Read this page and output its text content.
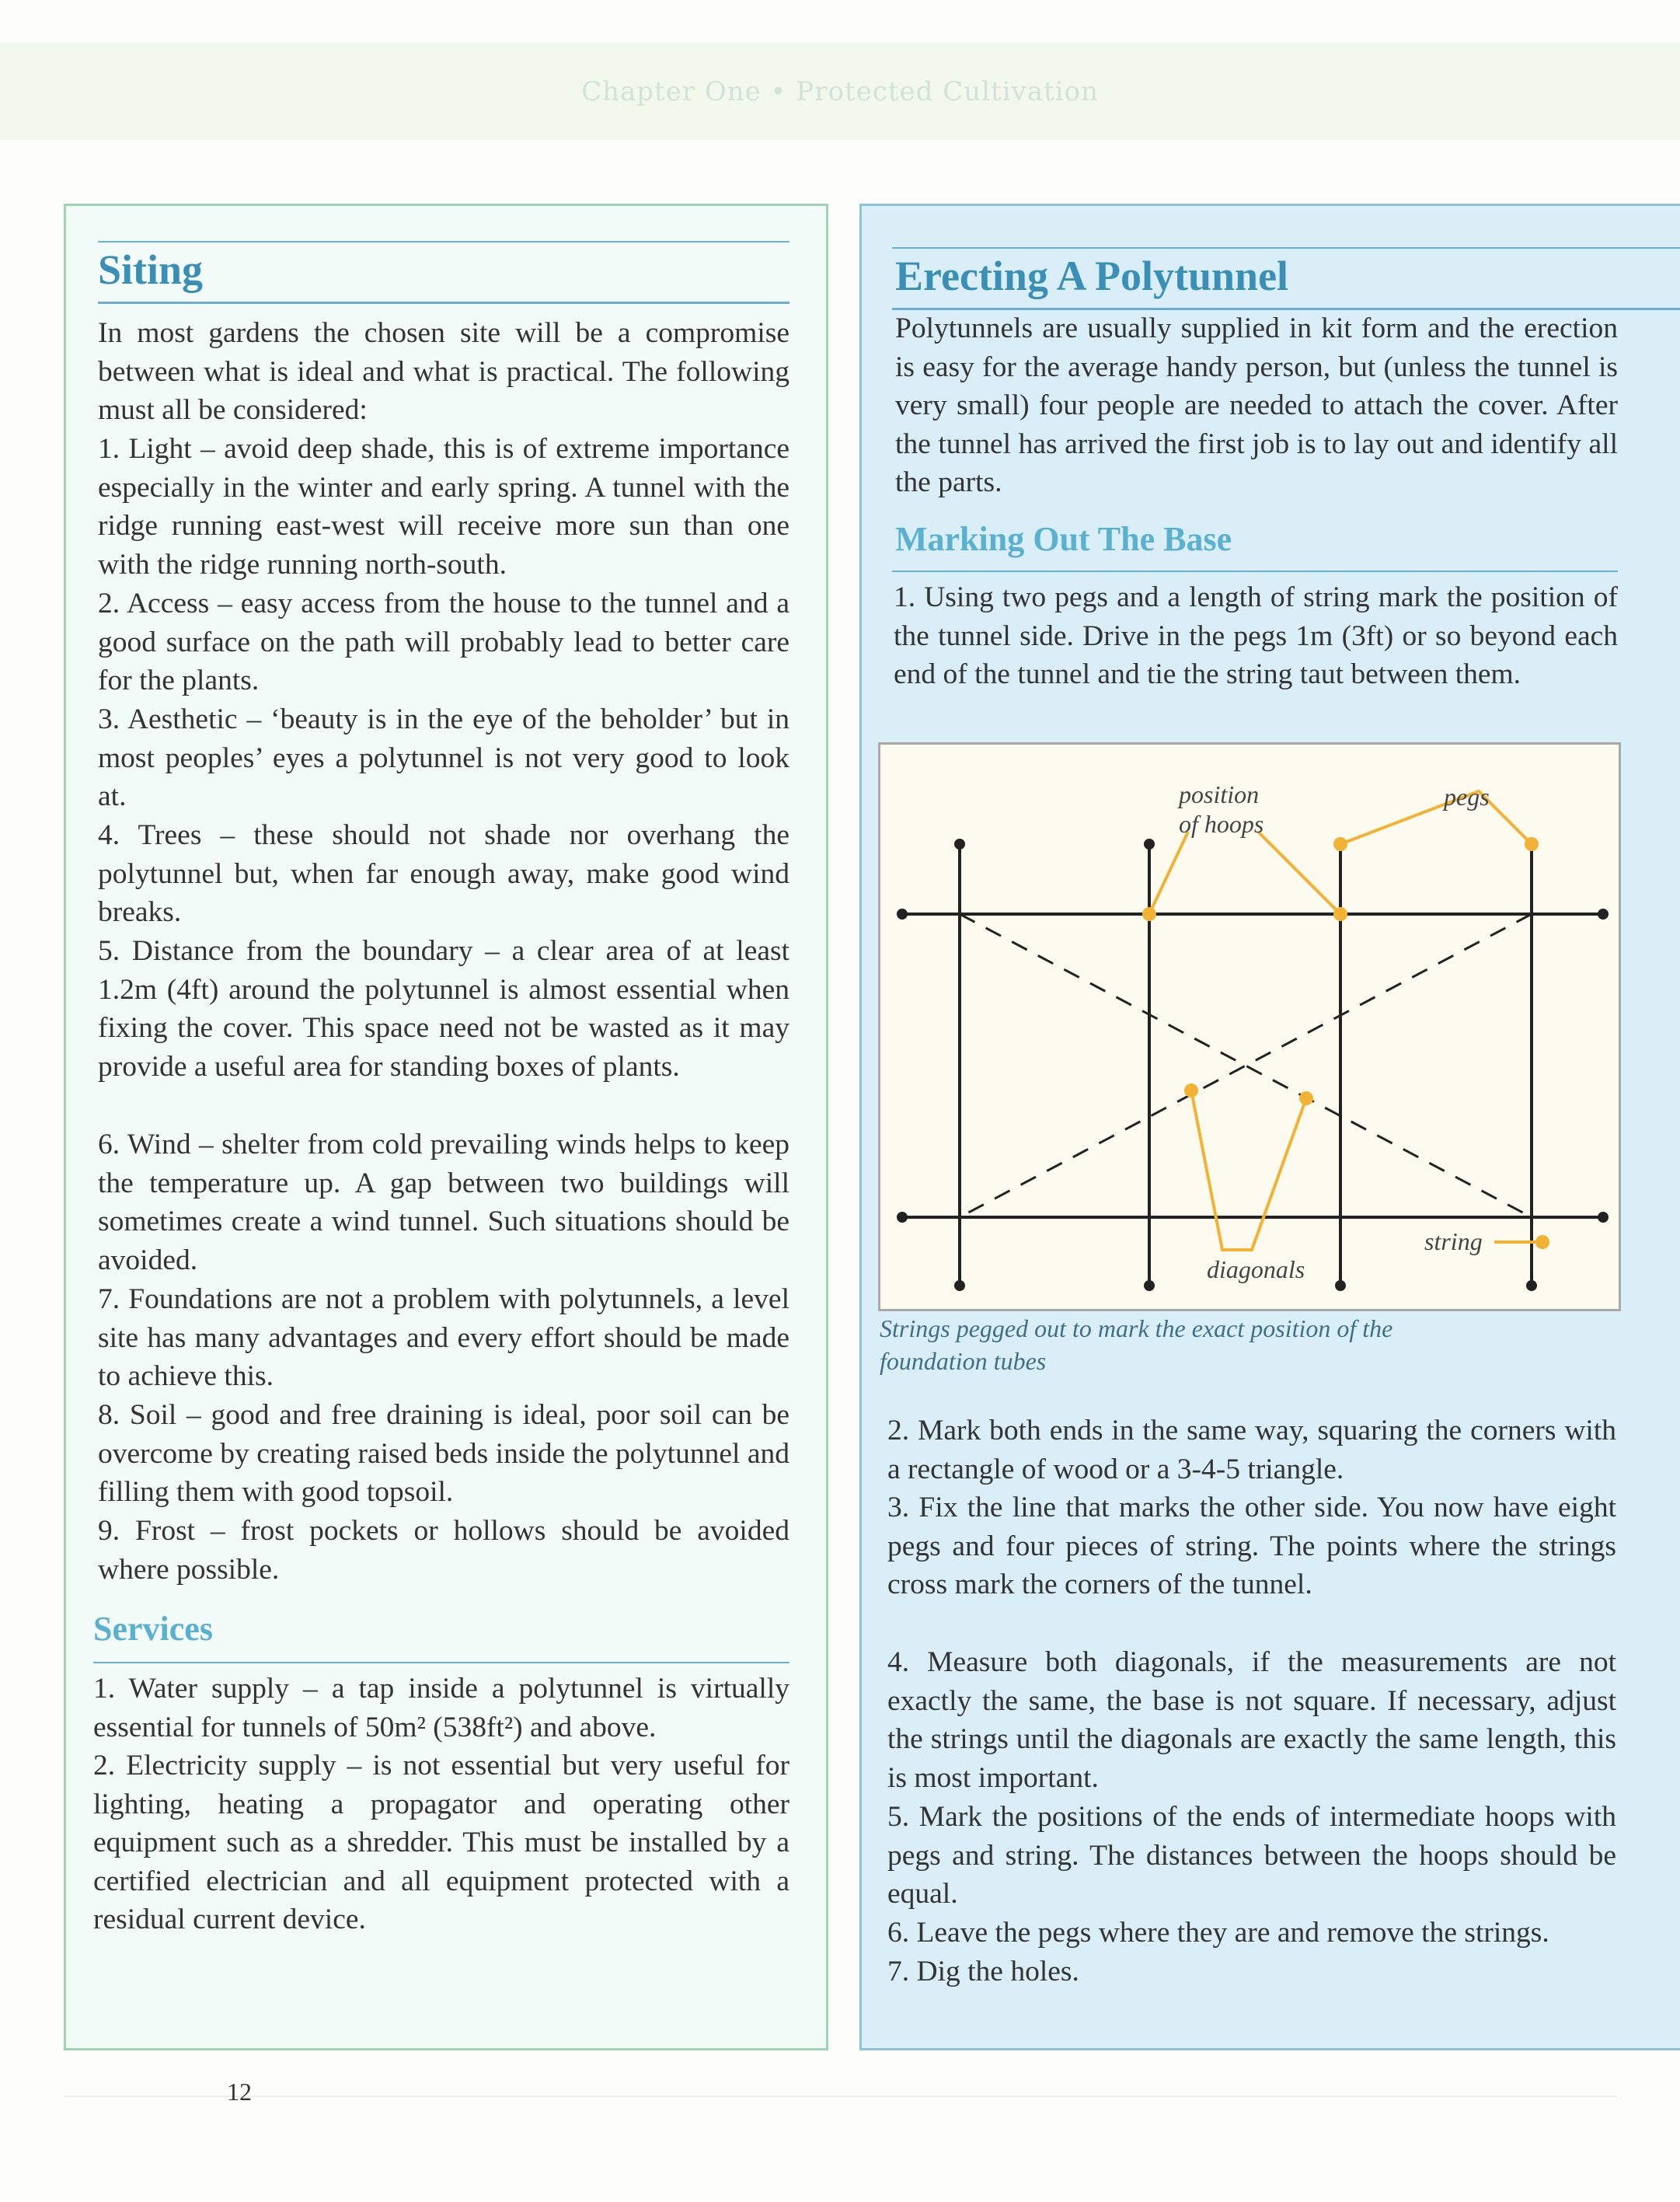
Chapter One • Protected Cultivation
Siting

In most gardens the chosen site will be a compromise between what is ideal and what is practical. The following must all be considered:

1. Light – avoid deep shade, this is of extreme importance especially in the winter and early spring. A tunnel with the ridge running east-west will receive more sun than one with the ridge running north-south.

2. Access – easy access from the house to the tunnel and a good surface on the path will probably lead to better care for the plants.

3. Aesthetic – ‘beauty is in the eye of the beholder’ but in most peoples’ eyes a polytunnel is not very good to look at.

4. Trees – these should not shade nor overhang the polytunnel but, when far enough away, make good wind breaks.

5. Distance from the boundary – a clear area of at least 1.2m (4ft) around the polytunnel is almost essential when fixing the cover. This space need not be wasted as it may provide a useful area for standing boxes of plants.

6. Wind – shelter from cold prevailing winds helps to keep the temperature up. A gap between two buildings will sometimes create a wind tunnel. Such situations should be avoided.

7. Foundations are not a problem with polytunnels, a level site has many advantages and every effort should be made to achieve this.

8. Soil – good and free draining is ideal, poor soil can be overcome by creating raised beds inside the polytunnel and filling them with good topsoil.

9. Frost – frost pockets or hollows should be avoided where possible.

Services

1. Water supply – a tap inside a polytunnel is virtually essential for tunnels of 50m² (538ft²) and above.

2. Electricity supply – is not essential but very useful for lighting, heating a propagator and operating other equipment such as a shredder. This must be installed by a certified electrician and all equipment protected with a residual current device.

Erecting A Polytunnel

Polytunnels are usually supplied in kit form and the erection is easy for the average handy person, but (unless the tunnel is very small) four people are needed to attach the cover. After the tunnel has arrived the first job is to lay out and identify all the parts.

Marking Out The Base

1. Using two pegs and a length of string mark the position of the tunnel side. Drive in the pegs 1m (3ft) or so beyond each end of the tunnel and tie the string taut between them.

position
of hoops
pegs
diagonals
string

Strings pegged out to mark the exact position of the foundation tubes

2. Mark both ends in the same way, squaring the corners with a rectangle of wood or a 3-4-5 triangle.

3. Fix the line that marks the other side. You now have eight pegs and four pieces of string. The points where the strings cross mark the corners of the tunnel.

4. Measure both diagonals, if the measurements are not exactly the same, the base is not square. If necessary, adjust the strings until the diagonals are exactly the same length, this is most important.

5. Mark the positions of the ends of intermediate hoops with pegs and string. The distances between the hoops should be equal.

6. Leave the pegs where they are and remove the strings.

7. Dig the holes.

12
